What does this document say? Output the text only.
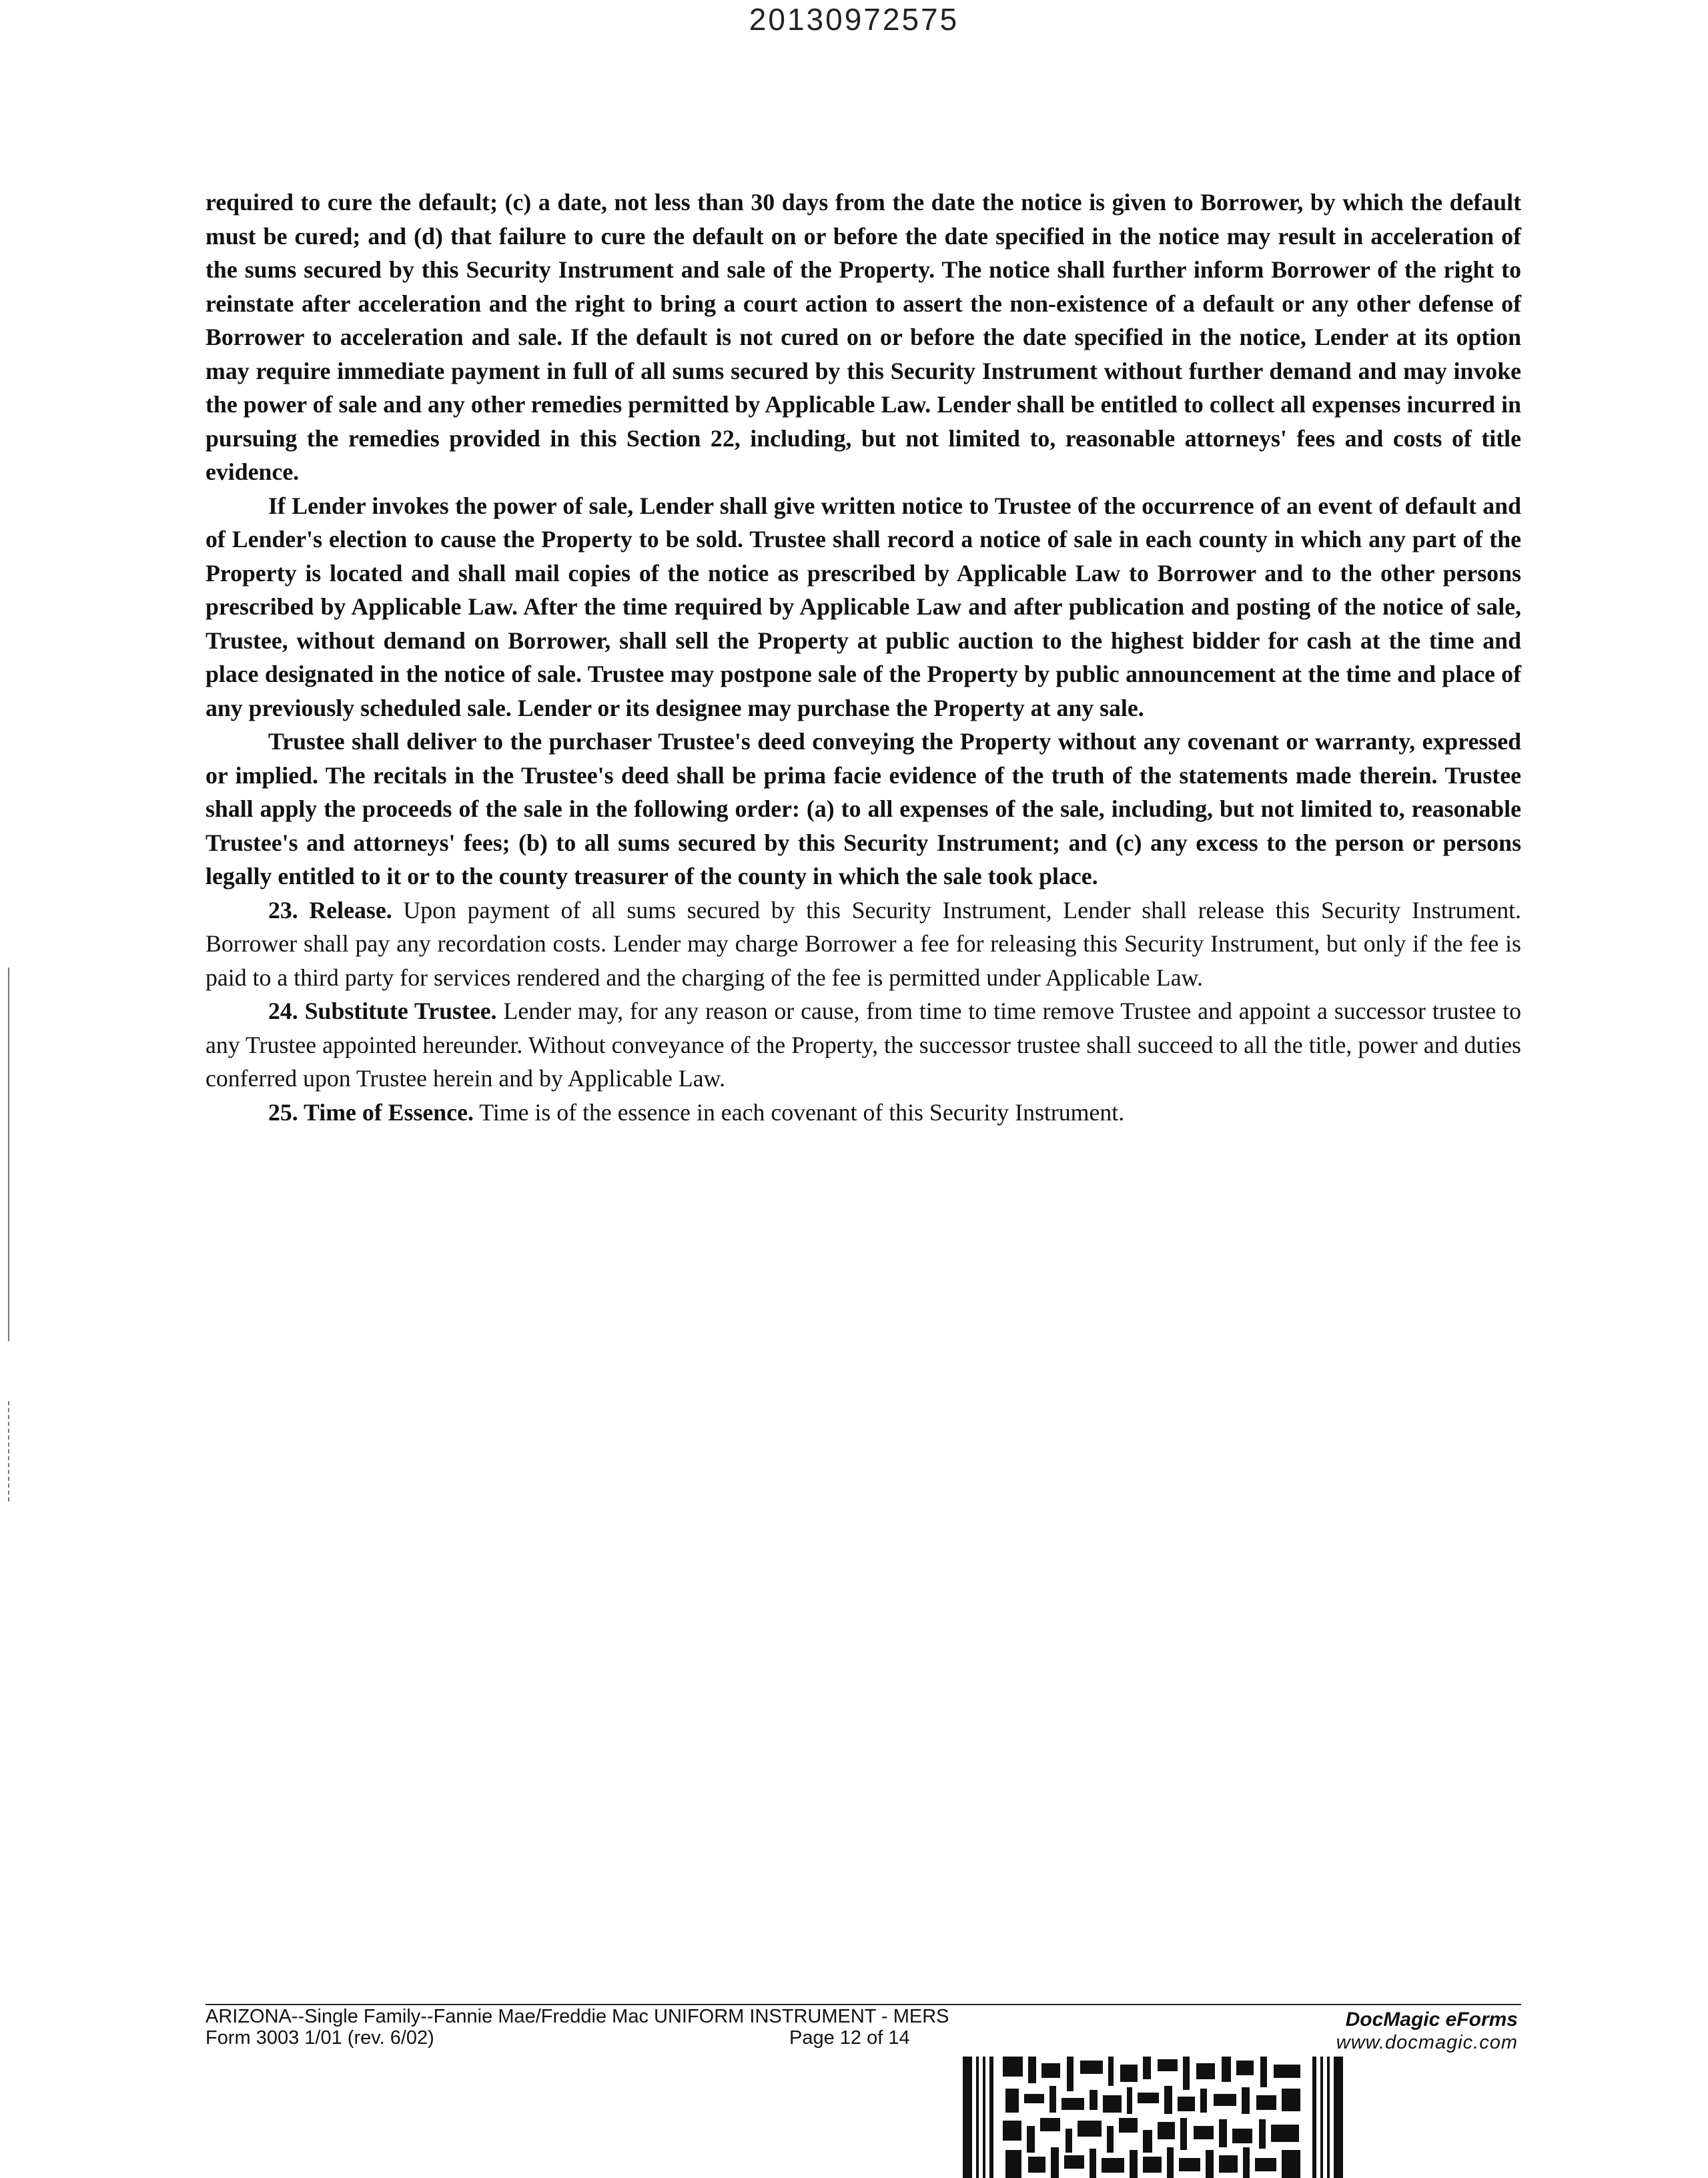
20130972575

required to cure the default; (c) a date, not less than 30 days from the date the notice is given to Borrower, by which the default must be cured; and (d) that failure to cure the default on or before the date specified in the notice may result in acceleration of the sums secured by this Security Instrument and sale of the Property. The notice shall further inform Borrower of the right to reinstate after acceleration and the right to bring a court action to assert the non-existence of a default or any other defense of Borrower to acceleration and sale. If the default is not cured on or before the date specified in the notice, Lender at its option may require immediate payment in full of all sums secured by this Security Instrument without further demand and may invoke the power of sale and any other remedies permitted by Applicable Law. Lender shall be entitled to collect all expenses incurred in pursuing the remedies provided in this Section 22, including, but not limited to, reasonable attorneys' fees and costs of title evidence.

If Lender invokes the power of sale, Lender shall give written notice to Trustee of the occurrence of an event of default and of Lender's election to cause the Property to be sold. Trustee shall record a notice of sale in each county in which any part of the Property is located and shall mail copies of the notice as prescribed by Applicable Law to Borrower and to the other persons prescribed by Applicable Law. After the time required by Applicable Law and after publication and posting of the notice of sale, Trustee, without demand on Borrower, shall sell the Property at public auction to the highest bidder for cash at the time and place designated in the notice of sale. Trustee may postpone sale of the Property by public announcement at the time and place of any previously scheduled sale. Lender or its designee may purchase the Property at any sale.

Trustee shall deliver to the purchaser Trustee's deed conveying the Property without any covenant or warranty, expressed or implied. The recitals in the Trustee's deed shall be prima facie evidence of the truth of the statements made therein. Trustee shall apply the proceeds of the sale in the following order: (a) to all expenses of the sale, including, but not limited to, reasonable Trustee's and attorneys' fees; (b) to all sums secured by this Security Instrument; and (c) any excess to the person or persons legally entitled to it or to the county treasurer of the county in which the sale took place.

23. Release. Upon payment of all sums secured by this Security Instrument, Lender shall release this Security Instrument. Borrower shall pay any recordation costs. Lender may charge Borrower a fee for releasing this Security Instrument, but only if the fee is paid to a third party for services rendered and the charging of the fee is permitted under Applicable Law.

24. Substitute Trustee. Lender may, for any reason or cause, from time to time remove Trustee and appoint a successor trustee to any Trustee appointed hereunder. Without conveyance of the Property, the successor trustee shall succeed to all the title, power and duties conferred upon Trustee herein and by Applicable Law.

25. Time of Essence. Time is of the essence in each covenant of this Security Instrument.

ARIZONA--Single Family--Fannie Mae/Freddie Mac UNIFORM INSTRUMENT - MERS
Form 3003 1/01 (rev. 6/02)	Page 12 of 14
DocMagic eForms
www.docmagic.com
